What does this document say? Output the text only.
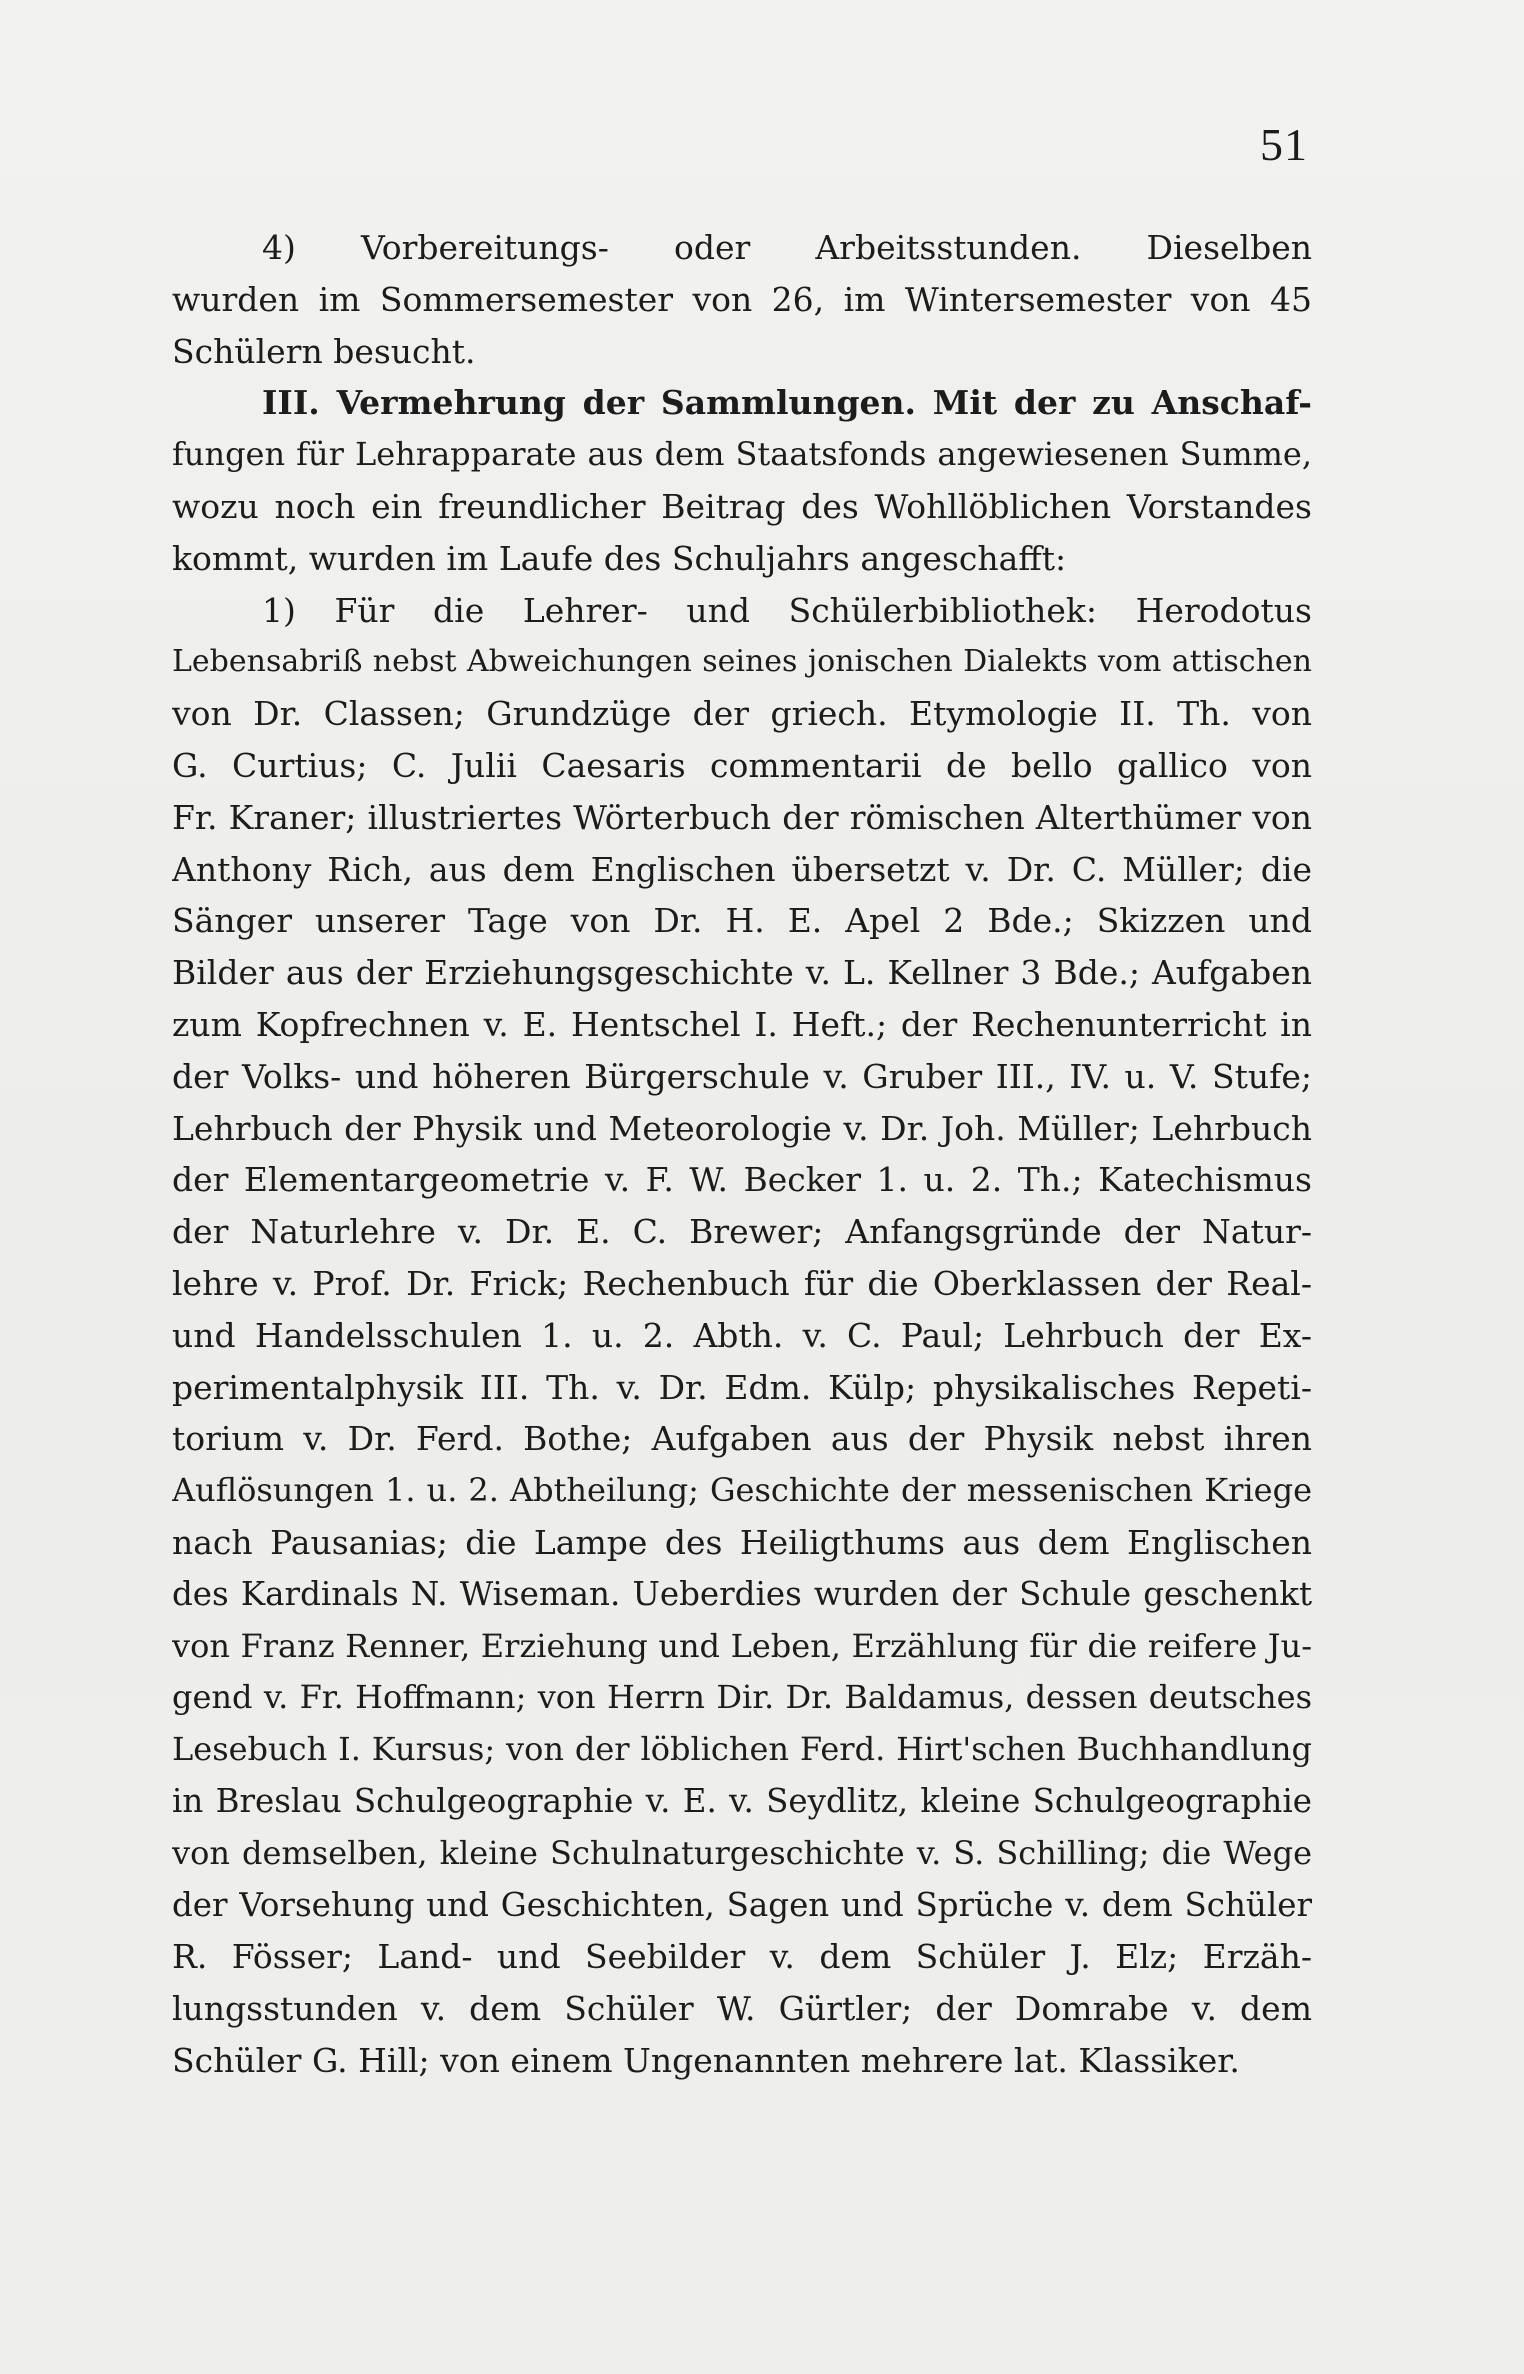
51
4) Vorbereitungs- oder Arbeitsstunden. Dieselben
wurden im Sommersemester von 26, im Wintersemester von 45
Schülern besucht.
III. Vermehrung der Sammlungen. Mit der zu Anschaf-
fungen für Lehrapparate aus dem Staatsfonds angewiesenen Summe,
wozu noch ein freundlicher Beitrag des Wohllöblichen Vorstandes
kommt, wurden im Laufe des Schuljahrs angeschafft:
1) Für die Lehrer- und Schülerbibliothek: Herodotus
Lebensabriß nebst Abweichungen seines jonischen Dialekts vom attischen
von Dr. Classen; Grundzüge der griech. Etymologie II. Th. von
G. Curtius; C. Julii Caesaris commentarii de bello gallico von
Fr. Kraner; illustriertes Wörterbuch der römischen Alterthümer von
Anthony Rich, aus dem Englischen übersetzt v. Dr. C. Müller; die
Sänger unserer Tage von Dr. H. E. Apel 2 Bde.; Skizzen und
Bilder aus der Erziehungsgeschichte v. L. Kellner 3 Bde.; Aufgaben
zum Kopfrechnen v. E. Hentschel I. Heft.; der Rechenunterricht in
der Volks- und höheren Bürgerschule v. Gruber III., IV. u. V. Stufe;
Lehrbuch der Physik und Meteorologie v. Dr. Joh. Müller; Lehrbuch
der Elementargeometrie v. F. W. Becker 1. u. 2. Th.; Katechismus
der Naturlehre v. Dr. E. C. Brewer; Anfangsgründe der Natur-
lehre v. Prof. Dr. Frick; Rechenbuch für die Oberklassen der Real-
und Handelsschulen 1. u. 2. Abth. v. C. Paul; Lehrbuch der Ex-
perimentalphysik III. Th. v. Dr. Edm. Külp; physikalisches Repeti-
torium v. Dr. Ferd. Bothe; Aufgaben aus der Physik nebst ihren
Auflösungen 1. u. 2. Abtheilung; Geschichte der messenischen Kriege
nach Pausanias; die Lampe des Heiligthums aus dem Englischen
des Kardinals N. Wiseman. Ueberdies wurden der Schule geschenkt
von Franz Renner, Erziehung und Leben, Erzählung für die reifere Ju-
gend v. Fr. Hoffmann; von Herrn Dir. Dr. Baldamus, dessen deutsches
Lesebuch I. Kursus; von der löblichen Ferd. Hirt'schen Buchhandlung
in Breslau Schulgeographie v. E. v. Seydlitz, kleine Schulgeographie
von demselben, kleine Schulnaturgeschichte v. S. Schilling; die Wege
der Vorsehung und Geschichten, Sagen und Sprüche v. dem Schüler
R. Fösser; Land- und Seebilder v. dem Schüler J. Elz; Erzäh-
lungsstunden v. dem Schüler W. Gürtler; der Domrabe v. dem
Schüler G. Hill; von einem Ungenannten mehrere lat. Klassiker.
